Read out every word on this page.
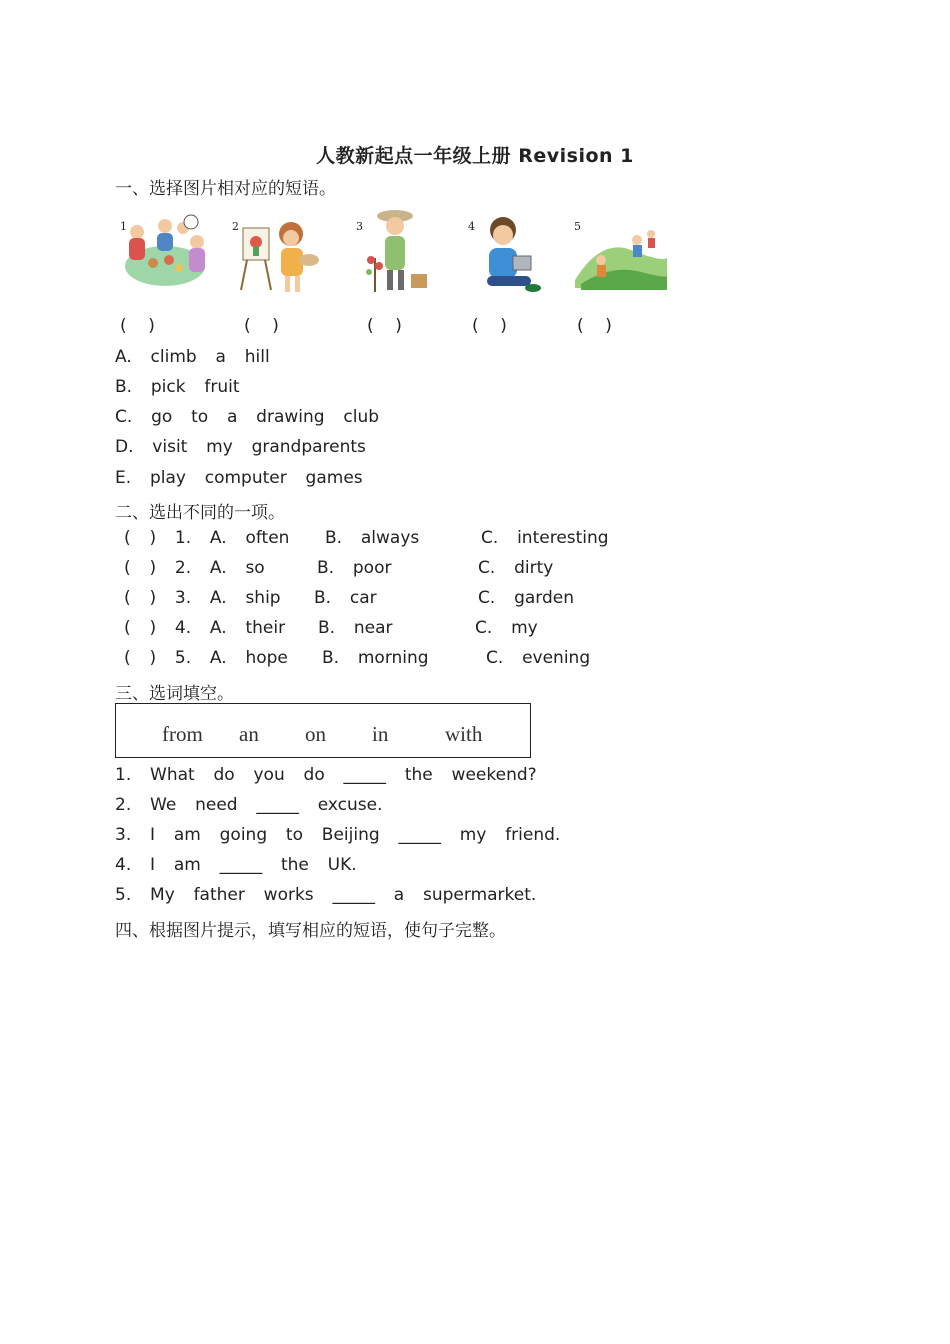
人教新起点一年级上册 Revision 1
一、选择图片相对应的短语。
1	2	3	4	5
(    )	(    )	(    )	(    )	(    )
A.  climb  a  hill
B.  pick  fruit
C.  go  to  a  drawing  club
D.  visit  my  grandparents
E.  play  computer  games
二、选出不同的一项。
(  )  1.  A.  often B.  always	C.  interesting
(  )  2.  A.  so	B.  poor	C.  dirty
(  )  3.  A.  ship B.  car	C.  garden
(  )  4.  A.  their B.  near	C.  my
(  )  5.  A.  hope B.  morning	C.  evening
三、选词填空。
from an on in	with
1.  What  do  you  do  _____  the  weekend?
2.  We  need  _____  excuse.
3.  I  am  going  to  Beijing  _____  my  friend.
4.  I  am  _____  the  UK.
5.  My  father  works  _____  a  supermarket.
四、根据图片提示，填写相应的短语，使句子完整。
